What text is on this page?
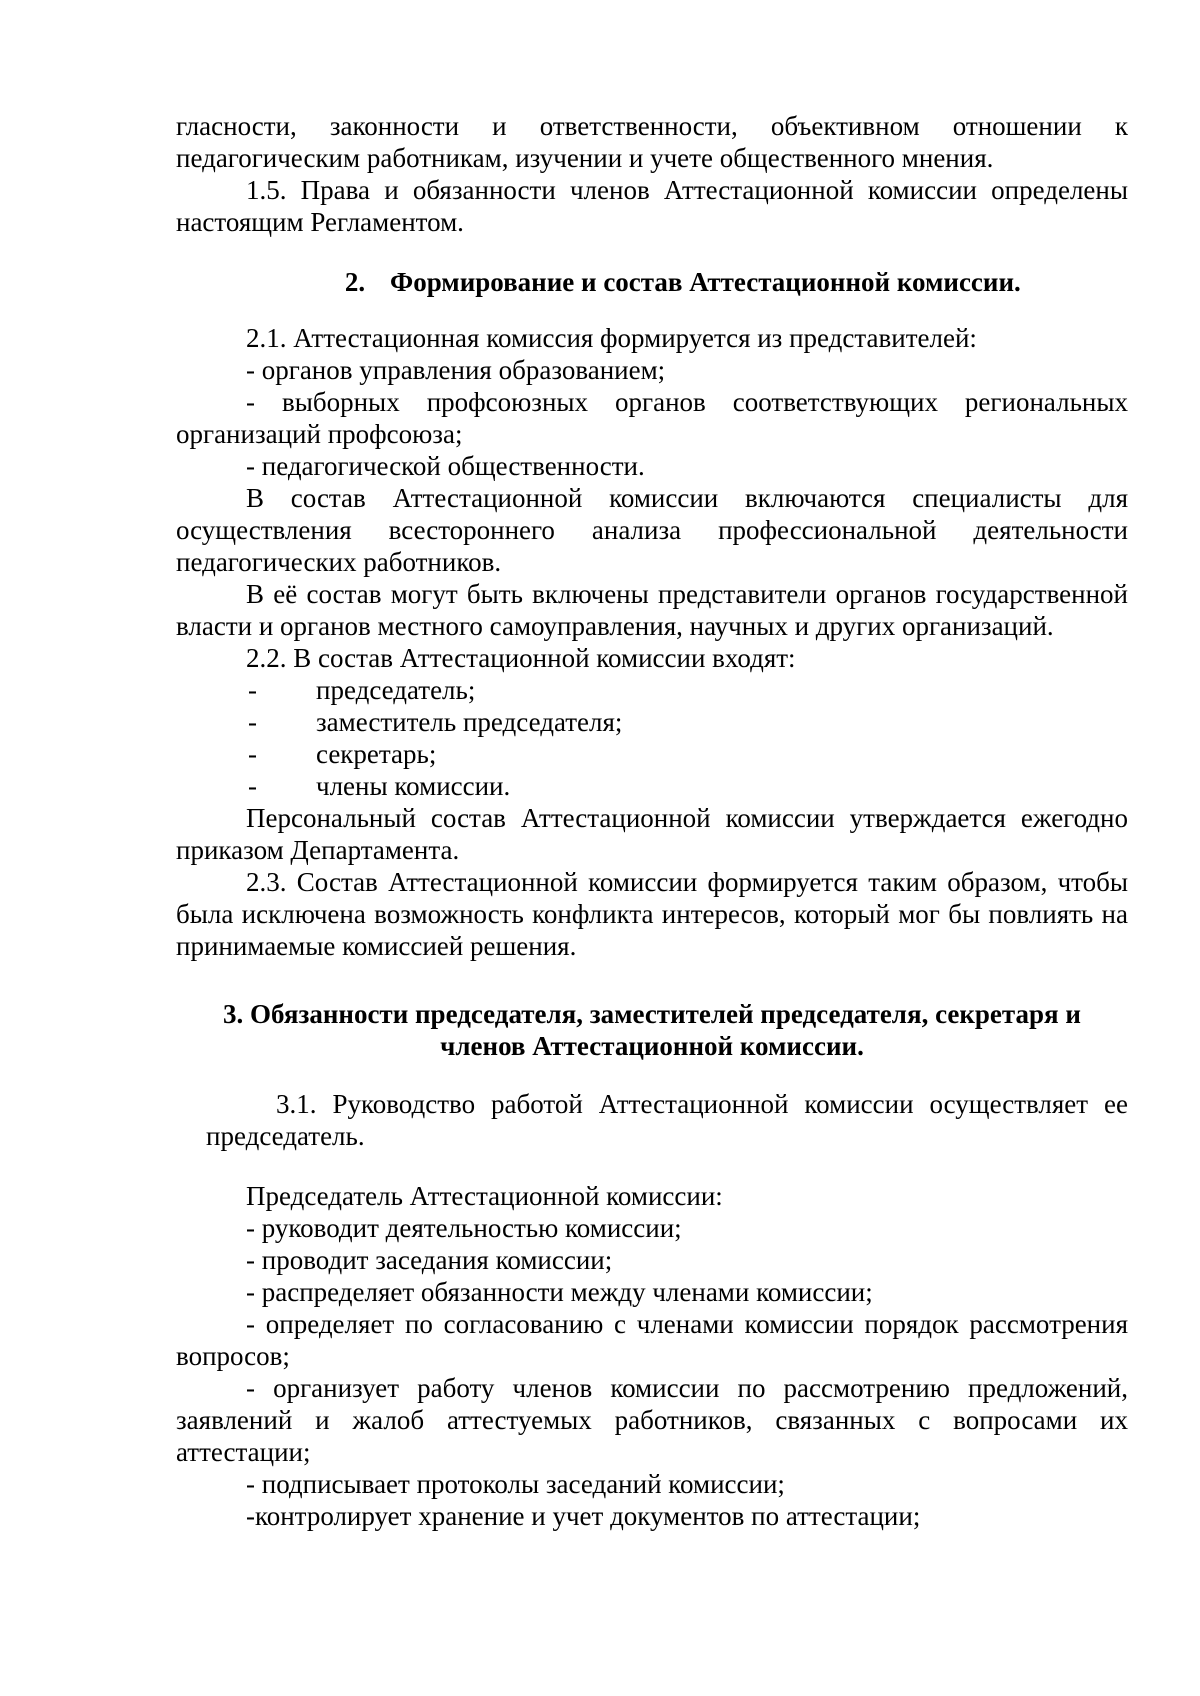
гласности, законности и ответственности, объективном отношении к педагогическим работникам, изучении и учете общественного мнения.

1.5. Права и обязанности членов Аттестационной комиссии определены настоящим Регламентом.

2. Формирование и состав Аттестационной комиссии.

2.1. Аттестационная комиссия формируется из представителей:

- органов управления образованием;

- выборных профсоюзных органов соответствующих региональных организаций профсоюза;

- педагогической общественности.

В состав Аттестационной комиссии включаются специалисты для осуществления всестороннего анализа профессиональной деятельности педагогических работников.

В её состав могут быть включены представители органов государственной власти и органов местного самоуправления, научных и других организаций.

2.2. В состав Аттестационной комиссии входят:

-	председатель;
-	заместитель председателя;
-	секретарь;
-	члены комиссии.

Персональный состав Аттестационной комиссии утверждается ежегодно приказом Департамента.

2.3. Состав Аттестационной комиссии формируется таким образом, чтобы была исключена возможность конфликта интересов, который мог бы повлиять на принимаемые комиссией решения.

3. Обязанности председателя, заместителей председателя, секретаря и
членов Аттестационной комиссии.

3.1. Руководство работой Аттестационной комиссии осуществляет ее председатель.

Председатель Аттестационной комиссии:

- руководит деятельностью комиссии;

- проводит заседания комиссии;

- распределяет обязанности между членами комиссии;

- определяет по согласованию с членами комиссии порядок рассмотрения вопросов;

- организует работу членов комиссии по рассмотрению предложений, заявлений и жалоб аттестуемых работников, связанных с вопросами их аттестации;

- подписывает протоколы заседаний комиссии;

-контролирует хранение и учет документов по аттестации;
